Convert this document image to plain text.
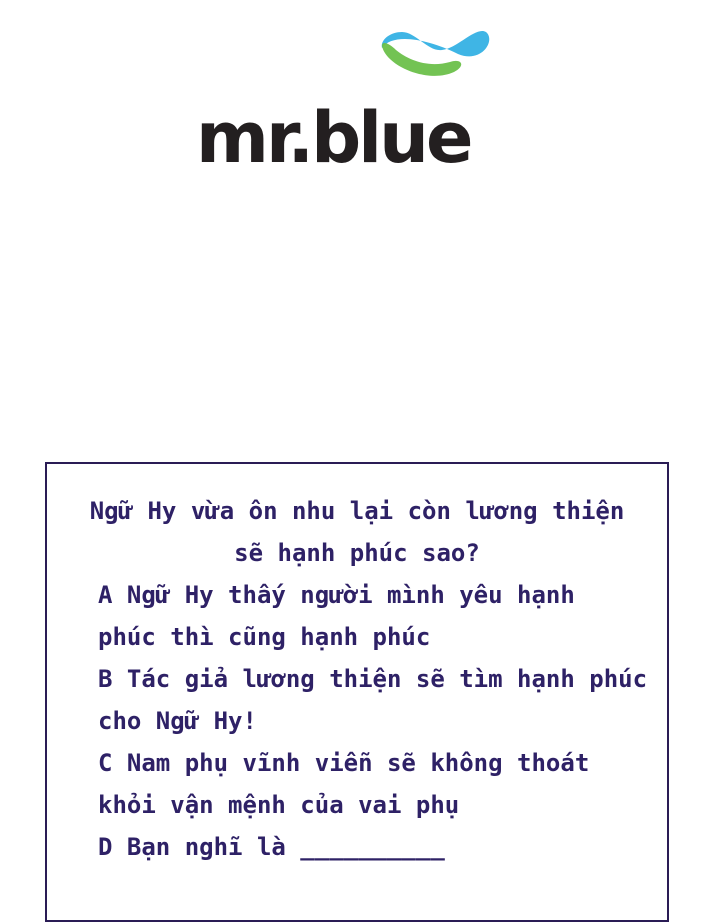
mr.blue
Ngữ Hy vừa ôn nhu lại còn lương thiện
sẽ hạnh phúc sao?
A Ngữ Hy thấy người mình yêu hạnh
phúc thì cũng hạnh phúc
B Tác giả lương thiện sẽ tìm hạnh phúc
cho Ngữ Hy!
C Nam phụ vĩnh viễn sẽ không thoát
khỏi vận mệnh của vai phụ
D Bạn nghĩ là __________
